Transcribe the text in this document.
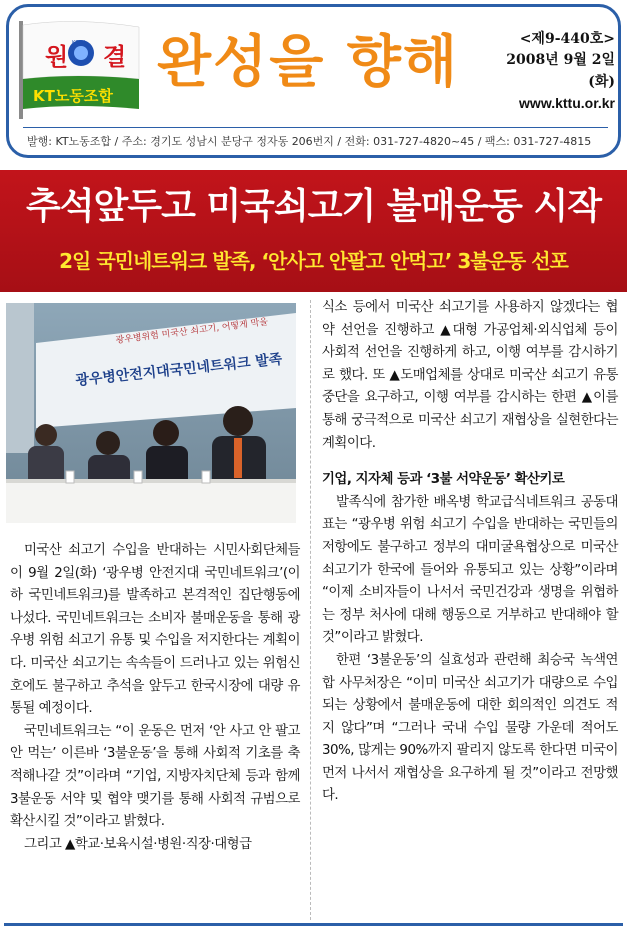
원 결
KTTU
KT노동조합
완성을 향해	<제9-440호>
2008년 9월 2일(화)
www.kttu.or.kr
발행: KT노동조합 / 주소: 경기도 성남시 분당구 정자동 206번지 / 전화: 031-727-4820~45 / 팩스: 031-727-4815
추석앞두고 미국쇠고기 불매운동 시작
2일 국민네트워크 발족, ‘안사고 안팔고 안먹고’ 3불운동 선포
광우병위험 미국산 쇠고기, 어떻게 막을
광우병안전지대국민네트워크 발족

미국산 쇠고기 수입을 반대하는 시민사회단체들이 9월 2일(화) ‘광우병 안전지대 국민네트워크’(이하 국민네트워크)를 발족하고 본격적인 집단행동에 나섰다. 국민네트워크는 소비자 불매운동을 통해 광우병 위험 쇠고기 유통 및 수입을 저지한다는 계획이다. 미국산 쇠고기는 속속들이 드러나고 있는 위험신호에도 불구하고 추석을 앞두고 한국시장에 대량 유통될 예정이다.

국민네트워크는 “이 운동은 먼저 ‘안 사고 안 팔고 안 먹는’ 이른바 ‘3불운동’을 통해 사회적 기초를 축적해나갈 것”이라며 “기업, 지방자치단체 등과 함께 3불운동 서약 및 협약 맺기를 통해 사회적 규범으로 확산시킬 것”이라고 밝혔다.

그리고 ▲학교·보육시설·병원·직장·대형급

식소 등에서 미국산 쇠고기를 사용하지 않겠다는 협약 선언을 진행하고 ▲대형 가공업체·외식업체 등이 사회적 선언을 진행하게 하고, 이행 여부를 감시하기로 했다. 또 ▲도매업체를 상대로 미국산 쇠고기 유통중단을 요구하고, 이행 여부를 감시하는 한편 ▲이를 통해 궁극적으로 미국산 쇠고기 재협상을 실현한다는 계획이다.

기업, 지자체 등과 ‘3불 서약운동’ 확산키로

발족식에 참가한 배옥병 학교급식네트워크 공동대표는 “광우병 위험 쇠고기 수입을 반대하는 국민들의 저항에도 불구하고 정부의 대미굴욕협상으로 미국산 쇠고기가 한국에 들어와 유통되고 있는 상황”이라며 “이제 소비자들이 나서서 국민건강과 생명을 위협하는 정부 처사에 대해 행동으로 거부하고 반대해야 할 것”이라고 밝혔다.

한편 ‘3불운동’의 실효성과 관련해 최승국 녹색연합 사무처장은 “이미 미국산 쇠고기가 대량으로 수입되는 상황에서 불매운동에 대한 회의적인 의견도 적지 않다”며 “그러나 국내 수입 물량 가운데 적어도 30%, 많게는 90%까지 팔리지 않도록 한다면 미국이 먼저 나서서 재협상을 요구하게 될 것”이라고 전망했다.
